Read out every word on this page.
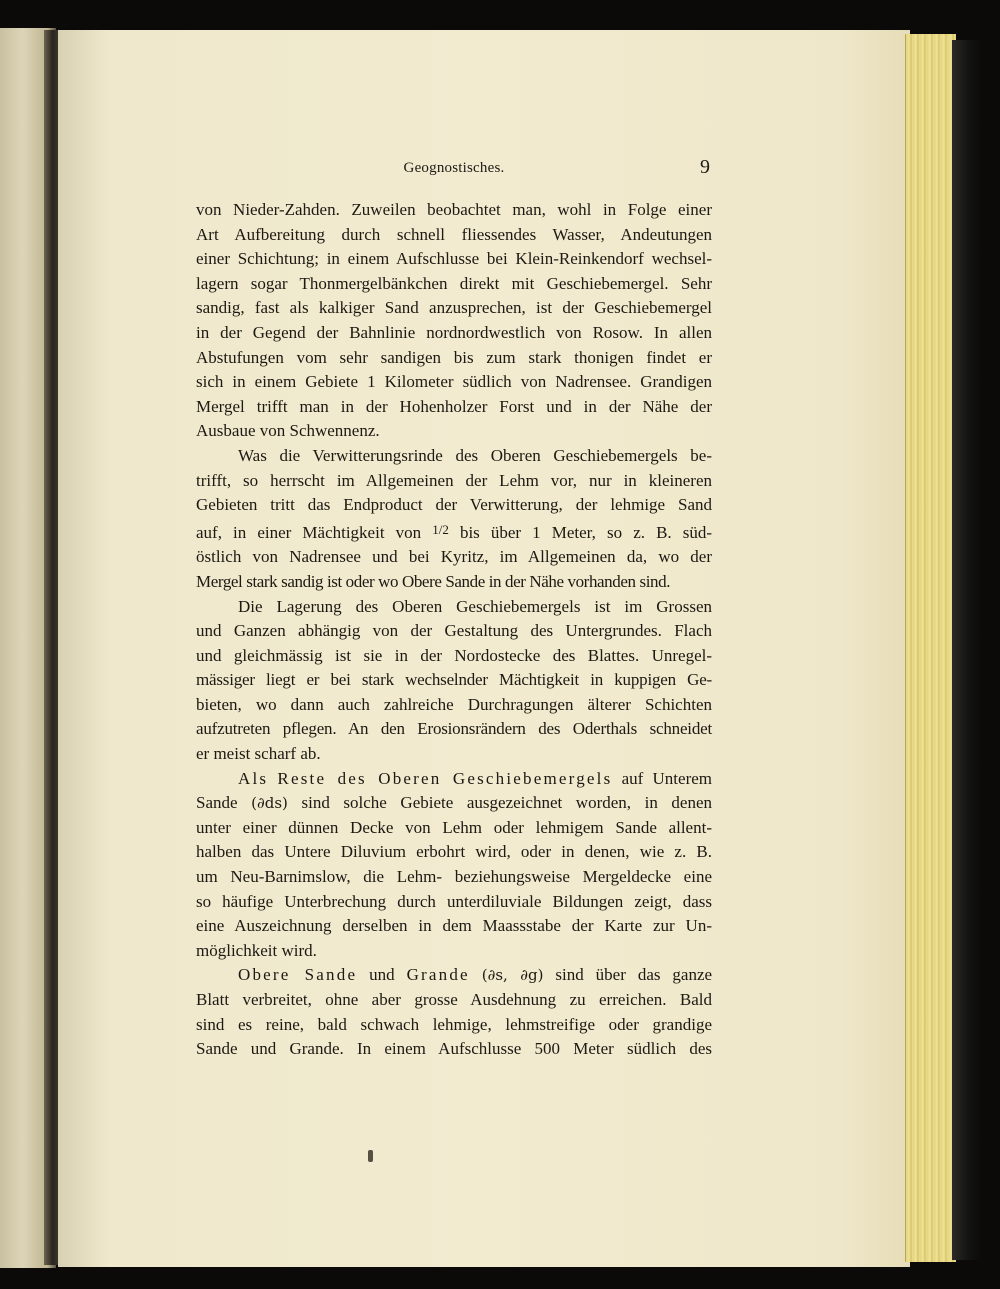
Geognostisches.	9

von Nieder-Zahden. Zuweilen beobachtet man, wohl in Folge einer

Art Aufbereitung durch schnell fliessendes Wasser, Andeutungen

einer Schichtung; in einem Aufschlusse bei Klein-Reinkendorf wechsel-

lagern sogar Thonmergelbänkchen direkt mit Geschiebemergel. Sehr

sandig, fast als kalkiger Sand anzusprechen, ist der Geschiebemergel

in der Gegend der Bahnlinie nordnordwestlich von Rosow. In allen

Abstufungen vom sehr sandigen bis zum stark thonigen findet er

sich in einem Gebiete 1 Kilometer südlich von Nadrensee. Grandigen

Mergel trifft man in der Hohenholzer Forst und in der Nähe der

Ausbaue von Schwennenz.

Was die Verwitterungsrinde des Oberen Geschiebemergels be-

trifft, so herrscht im Allgemeinen der Lehm vor, nur in kleineren

Gebieten tritt das Endproduct der Verwitterung, der lehmige Sand

auf, in einer Mächtigkeit von $^{1/2}$ bis über 1 Meter, so z. B. süd-

östlich von Nadrensee und bei Kyritz, im Allgemeinen da, wo der

Mergel stark sandig ist oder wo Obere Sande in der Nähe vorhanden sind.

Die Lagerung des Oberen Geschiebemergels ist im Grossen

und Ganzen abhängig von der Gestaltung des Untergrundes. Flach

und gleichmässig ist sie in der Nordostecke des Blattes. Unregel-

mässiger liegt er bei stark wechselnder Mächtigkeit in kuppigen Ge-

bieten, wo dann auch zahlreiche Durchragungen älterer Schichten

aufzutreten pflegen. An den Erosionsrändern des Oderthals schneidet

er meist scharf ab.

Als Reste des Oberen Geschiebemergels auf Unterem

Sande (∂ds) sind solche Gebiete ausgezeichnet worden, in denen

unter einer dünnen Decke von Lehm oder lehmigem Sande allent-

halben das Untere Diluvium erbohrt wird, oder in denen, wie z. B.

um Neu-Barnimslow, die Lehm- beziehungsweise Mergeldecke eine

so häufige Unterbrechung durch unterdiluviale Bildungen zeigt, dass

eine Auszeichnung derselben in dem Maassstabe der Karte zur Un-

möglichkeit wird.

Obere Sande und Grande (∂s, ∂g) sind über das ganze

Blatt verbreitet, ohne aber grosse Ausdehnung zu erreichen. Bald

sind es reine, bald schwach lehmige, lehmstreifige oder grandige

Sande und Grande. In einem Aufschlusse 500 Meter südlich des
